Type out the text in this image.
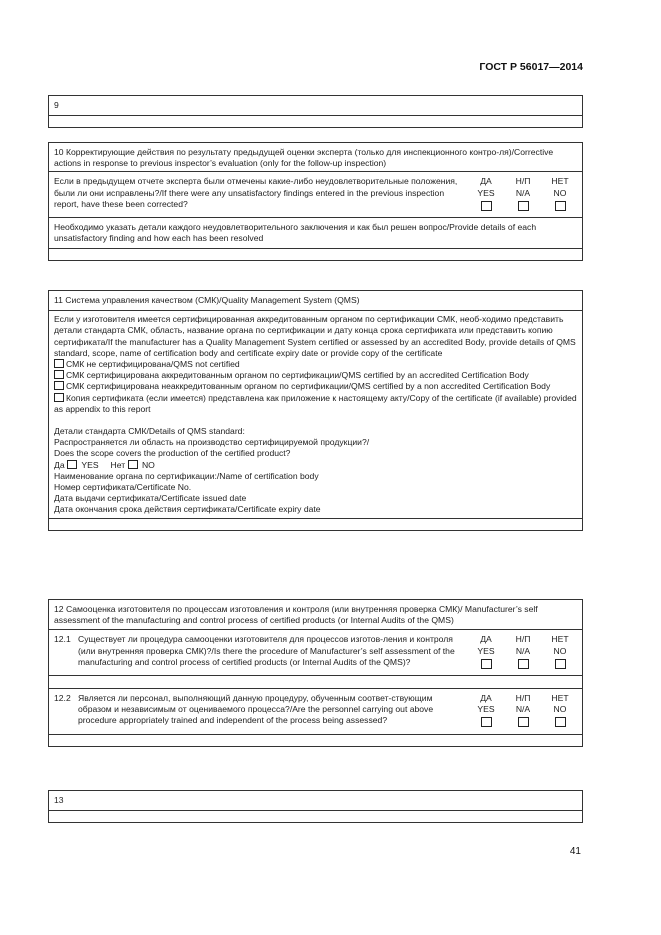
ГОСТ Р 56017—2014
9
10 Корректирующие действия по результату предыдущей оценки эксперта (только для инспекционного контро-ля)/Corrective actions in response to previous inspector’s evaluation (only for the follow-up inspection)
Если в предыдущем отчете эксперта были отмечены какие-либо неудовлетворительные положения, были ли они исправлены?/If there were any unsatisfactory findings entered in the previous inspection report, have these been corrected?
ДА
YES
Н/П
N/A
НЕТ
NO
Необходимо указать детали каждого неудовлетворительного заключения и как был решен вопрос/Provide details of each unsatisfactory finding and how each has been resolved
11 Система управления качеством (СМК)/Quality Management System (QMS)
Если у изготовителя имеется сертифицированная аккредитованным органом по сертификации СМК, необ-ходимо представить детали стандарта СМК, область, название органа по сертификации и дату конца срока сертификата или представить копию сертификата/If the manufacturer has a Quality Management System certified or assessed by an accredited Body, provide details of QMS standard, scope, name of certification body and certificate expiry date or provide copy of the certificate
СМК не сертифицирована/QMS not certified
СМК сертифицирована аккредитованным органом по сертификации/QMS certified by an accredited Certification Body
СМК сертифицирована неаккредитованным органом по сертификации/QMS certified by a non accredited Certification Body
Копия сертификата (если имеется) представлена как приложение к настоящему акту/Copy of the certificate (if available) provided as appendix to this report
Детали стандарта СМК/Details of QMS standard:
Распространяется ли область на производство сертифицируемой продукции?/
Does the scope covers the production of the certified product?
Да YES Нет NO
Наименование органа по сертификации:/Name of certification body
Номер сертификата/Certificate No.
Дата выдачи сертификата/Certificate issued date
Дата окончания срока действия сертификата/Certificate expiry date
12 Самооценка изготовителя по процессам изготовления и контроля (или внутренняя проверка СМК)/ Manufacturer’s self assessment of the manufacturing and control process of certified products (or Internal Audits of the QMS)
12.1 Существует ли процедура самооценки изготовителя для процессов изготов-ления и контроля (или внутренняя проверка СМК)?/Is there the procedure of Manufacturer’s self assessment of the manufacturing and control process of certified products (or Internal Audits of the QMS)?
ДА
YES
Н/П
N/A
НЕТ
NO
12.2 Является ли персонал, выполняющий данную процедуру, обученным соответ-ствующим образом и независимым от оцениваемого процесса?/Are the personnel carrying out above procedure appropriately trained and independent of the process being assessed?
ДА
YES
Н/П
N/A
НЕТ
NO
13
41
